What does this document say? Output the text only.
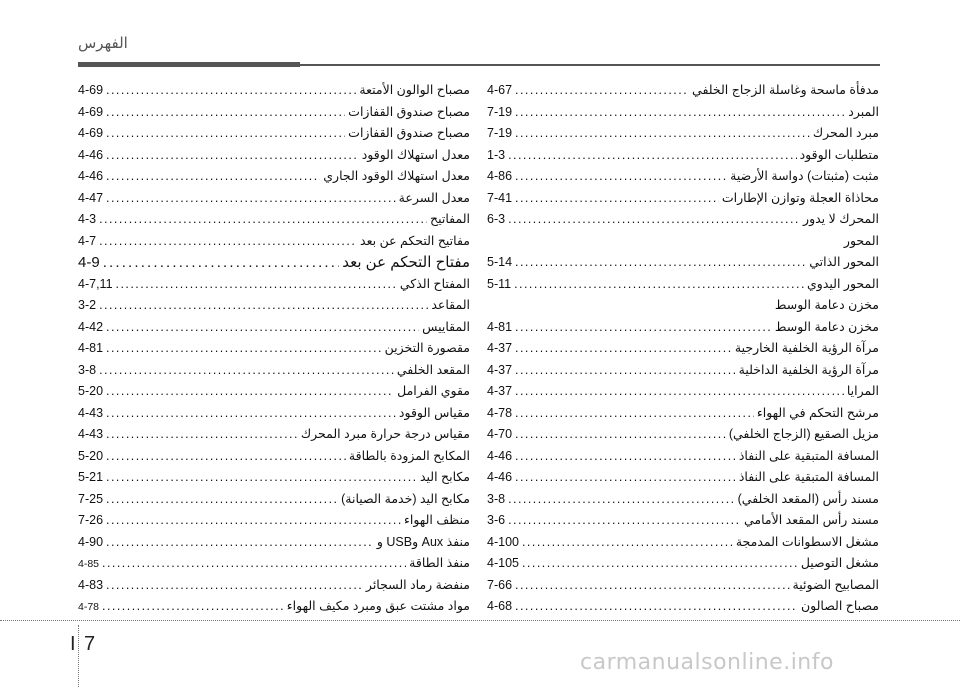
الفهرس
4-69 . . .	مصباح الوالون الأمتعة
4-69 . . .	مصباح صندوق القفازات
4-69 . . .	مصباح صندوق القفازات
4-46 . . .	معدل استهلاك الوقود
4-46 . . .	معدل استهلاك الوقود الجاري
4-47 . . .	معدل السرعة
4-3 . . .	المفاتيح
4-7 . . .	مفاتيح التحكم عن بعد
4-9 . . .	مفتاح التحكم عن بعد
4-7,11 . . .	المفتاح الذكي
3-2 . . .	المقاعد
4-42 . . .	المقاييس
4-81 . . .	مقصورة التخزين
3-8 . . .	المقعد الخلفي
5-20 . . .	مقوي الفرامل
4-43 . . .	مقياس الوقود
4-43 . . .	مقياس درجة حرارة مبرد المحرك
5-20 . . .	المكابح المزودة بالطاقة
5-21 . . .	مكابح اليد
7-25 . . .	مكابح اليد (خدمة الصيانة)
7-26 . . .	منظف الهواء
4-90 . . .	منفذ Aux وUSB و
4-85 . . .	منفذ الطاقة
4-83 . . .	منفضة رماد السجائر
4-78 . . .	مواد مشتت عبق ومبرد مكيف الهواء
. . .
4-67 . . .	مدفأة ماسحة وغاسلة الزجاج الخلفي
7-19 . . .	المبرد
7-19 . . .	مبرد المحرك
1-3 . . .	متطلبات الوقود
4-86 . . .	مثبت (مثبتات) دواسة الأرضية
7-41 . . .	محاذاة العجلة وتوازن الإطارات
6-3 . . .	المحرك لا يدور
المحور
5-14 . . .	المحور الذاتي
5-11 . . .	المحور اليدوي
مخزن دعامة الوسط
4-81 . . .	مخزن دعامة الوسط
4-37 . . .	مرآة الرؤية الخلفية الخارجية
4-37 . . .	مرآة الرؤية الخلفية الداخلية
4-37 . . .	المرايا
4-78 . . .	مرشح التحكم في الهواء
4-70 . . .	مزيل الصقيع (الزجاج الخلفي)
4-46 . . .	المسافة المتبقية على النفاذ
4-46 . . .	المسافة المتبقية على النفاذ
3-8 . . .	مسند رأس (المقعد الخلفي)
3-6 . . .	مسند رأس المقعد الأمامي
4-100 . . .	مشغل الاسطوانات المدمجة
4-105 . . .	مشغل التوصيل
7-66 . . .	المصابيح الضوئية
4-68 . . .	مصباح الصالون
. . .
I 7
carmanualsonline.info
